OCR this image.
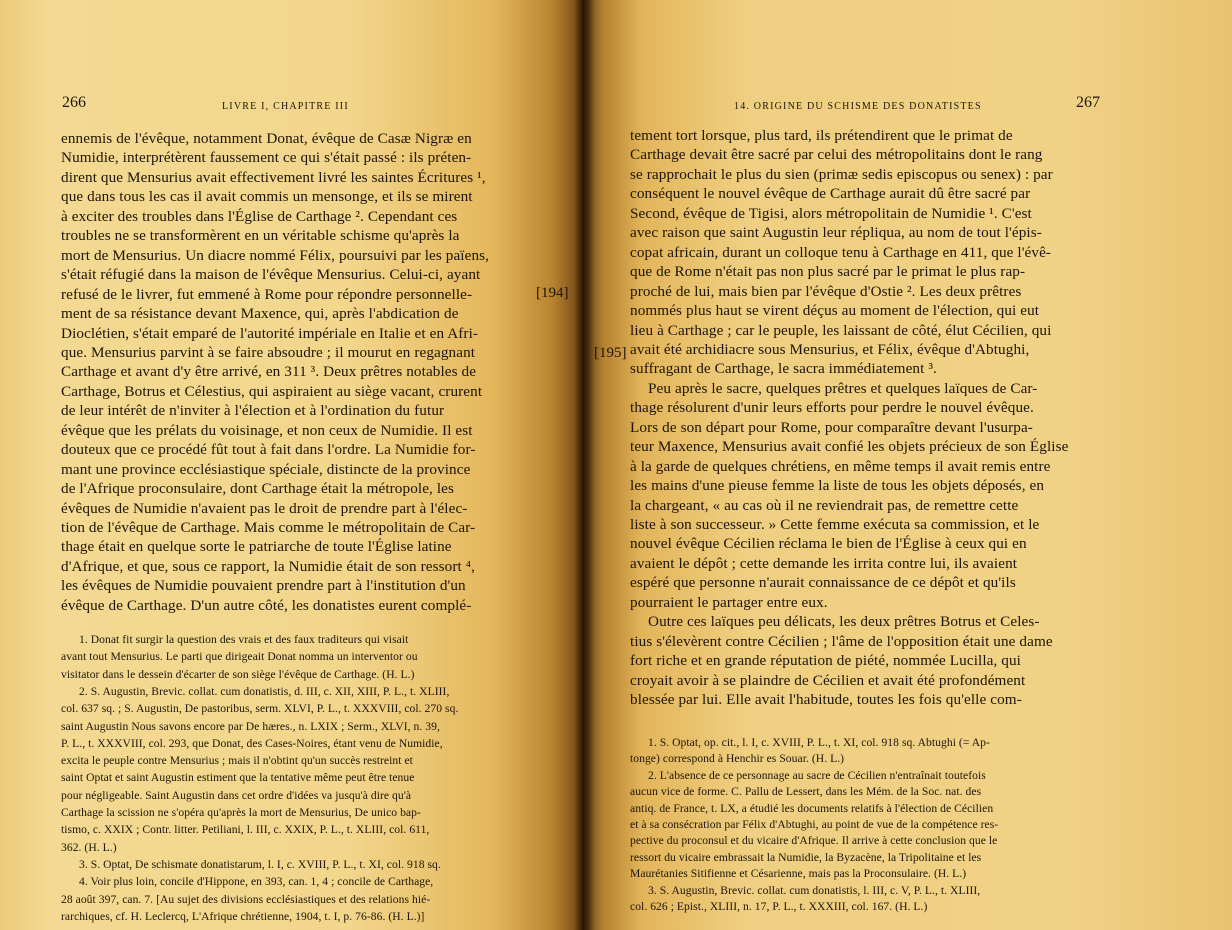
266	LIVRE I, CHAPITRE III
ennemis de l'évêque, notamment Donat, évêque de Casæ Nigræ en
Numidie, interprétèrent faussement ce qui s'était passé : ils préten-
dirent que Mensurius avait effectivement livré les saintes Écritures ¹,
que dans tous les cas il avait commis un mensonge, et ils se mirent
à exciter des troubles dans l'Église de Carthage ². Cependant ces
troubles ne se transformèrent en un véritable schisme qu'après la
mort de Mensurius. Un diacre nommé Félix, poursuivi par les païens,
s'était réfugié dans la maison de l'évêque Mensurius. Celui-ci, ayant
refusé de le livrer, fut emmené à Rome pour répondre personnelle-
ment de sa résistance devant Maxence, qui, après l'abdication de
Dioclétien, s'était emparé de l'autorité impériale en Italie et en Afri-
que. Mensurius parvint à se faire absoudre ; il mourut en regagnant
Carthage et avant d'y être arrivé, en 311 ³. Deux prêtres notables de
Carthage, Botrus et Célestius, qui aspiraient au siège vacant, crurent
de leur intérêt de n'inviter à l'élection et à l'ordination du futur
évêque que les prélats du voisinage, et non ceux de Numidie. Il est
douteux que ce procédé fût tout à fait dans l'ordre. La Numidie for-
mant une province ecclésiastique spéciale, distincte de la province
de l'Afrique proconsulaire, dont Carthage était la métropole, les
évêques de Numidie n'avaient pas le droit de prendre part à l'élec-
tion de l'évêque de Carthage. Mais comme le métropolitain de Car-
thage était en quelque sorte le patriarche de toute l'Église latine
d'Afrique, et que, sous ce rapport, la Numidie était de son ressort ⁴,
les évêques de Numidie pouvaient prendre part à l'institution d'un
évêque de Carthage. D'un autre côté, les donatistes eurent complé-
1. Donat fit surgir la question des vrais et des faux traditeurs qui visait
avant tout Mensurius. Le parti que dirigeait Donat nomma un interventor ou
visitator dans le dessein d'écarter de son siège l'évêque de Carthage. (H. L.)
2. S. Augustin, Brevic. collat. cum donatistis, d. III, c. XII, XIII, P. L., t. XLIII,
col. 637 sq. ; S. Augustin, De pastoribus, serm. XLVI, P. L., t. XXXVIII, col. 270 sq.
saint Augustin Nous savons encore par De hæres., n. LXIX ; Serm., XLVI, n. 39,
P. L., t. XXXVIII, col. 293, que Donat, des Cases-Noires, étant venu de Numidie,
excita le peuple contre Mensurius ; mais il n'obtint qu'un succès restreint et
saint Optat et saint Augustin estiment que la tentative même peut être tenue
pour négligeable. Saint Augustin dans cet ordre d'idées va jusqu'à dire qu'à
Carthage la scission ne s'opéra qu'après la mort de Mensurius, De unico bap-
tismo, c. XXIX ; Contr. litter. Petiliani, l. III, c. XXIX, P. L., t. XLIII, col. 611,
362. (H. L.)
3. S. Optat, De schismate donatistarum, l. I, c. XVIII, P. L., t. XI, col. 918 sq.
4. Voir plus loin, concile d'Hippone, en 393, can. 1, 4 ; concile de Carthage,
28 août 397, can. 7. [Au sujet des divisions ecclésiastiques et des relations hié-
rarchiques, cf. H. Leclercq, L'Afrique chrétienne, 1904, t. I, p. 76-86. (H. L.)]
14. ORIGINE DU SCHISME DES DONATISTES	267
[195]
tement tort lorsque, plus tard, ils prétendirent que le primat de
Carthage devait être sacré par celui des métropolitains dont le rang
se rapprochait le plus du sien (primæ sedis episcopus ou senex) : par
conséquent le nouvel évêque de Carthage aurait dû être sacré par
Second, évêque de Tigisi, alors métropolitain de Numidie ¹. C'est
avec raison que saint Augustin leur répliqua, au nom de tout l'épis-
copat africain, durant un colloque tenu à Carthage en 411, que l'évê-
que de Rome n'était pas non plus sacré par le primat le plus rap-
proché de lui, mais bien par l'évêque d'Ostie ². Les deux prêtres
nommés plus haut se virent déçus au moment de l'élection, qui eut
lieu à Carthage ; car le peuple, les laissant de côté, élut Cécilien, qui
avait été archidiacre sous Mensurius, et Félix, évêque d'Abtughi,
suffragant de Carthage, le sacra immédiatement ³.
Peu après le sacre, quelques prêtres et quelques laïques de Car-
thage résolurent d'unir leurs efforts pour perdre le nouvel évêque.
Lors de son départ pour Rome, pour comparaître devant l'usurpa-
teur Maxence, Mensurius avait confié les objets précieux de son Église
à la garde de quelques chrétiens, en même temps il avait remis entre
les mains d'une pieuse femme la liste de tous les objets déposés, en
la chargeant, « au cas où il ne reviendrait pas, de remettre cette
liste à son successeur. » Cette femme exécuta sa commission, et le
nouvel évêque Cécilien réclama le bien de l'Église à ceux qui en
avaient le dépôt ; cette demande les irrita contre lui, ils avaient
espéré que personne n'aurait connaissance de ce dépôt et qu'ils
pourraient le partager entre eux.
Outre ces laïques peu délicats, les deux prêtres Botrus et Celes-
tius s'élevèrent contre Cécilien ; l'âme de l'opposition était une dame
fort riche et en grande réputation de piété, nommée Lucilla, qui
croyait avoir à se plaindre de Cécilien et avait été profondément
blessée par lui. Elle avait l'habitude, toutes les fois qu'elle com-
1. S. Optat, op. cit., l. I, c. XVIII, P. L., t. XI, col. 918 sq. Abtughi (= Ap-
tonge) correspond à Henchir es Souar. (H. L.)
2. L'absence de ce personnage au sacre de Cécilien n'entraînait toutefois
aucun vice de forme. C. Pallu de Lessert, dans les Mém. de la Soc. nat. des
antiq. de France, t. LX, a étudié les documents relatifs à l'élection de Cécilien
et à sa consécration par Félix d'Abtughi, au point de vue de la compétence res-
pective du proconsul et du vicaire d'Afrique. Il arrive à cette conclusion que le
ressort du vicaire embrassait la Numidie, la Byzacène, la Tripolitaine et les
Maurétanies Sitifienne et Césarienne, mais pas la Proconsulaire. (H. L.)
3. S. Augustin, Brevic. collat. cum donatistis, l. III, c. V, P. L., t. XLIII,
col. 626 ; Epist., XLIII, n. 17, P. L., t. XXXIII, col. 167. (H. L.)
[194]
